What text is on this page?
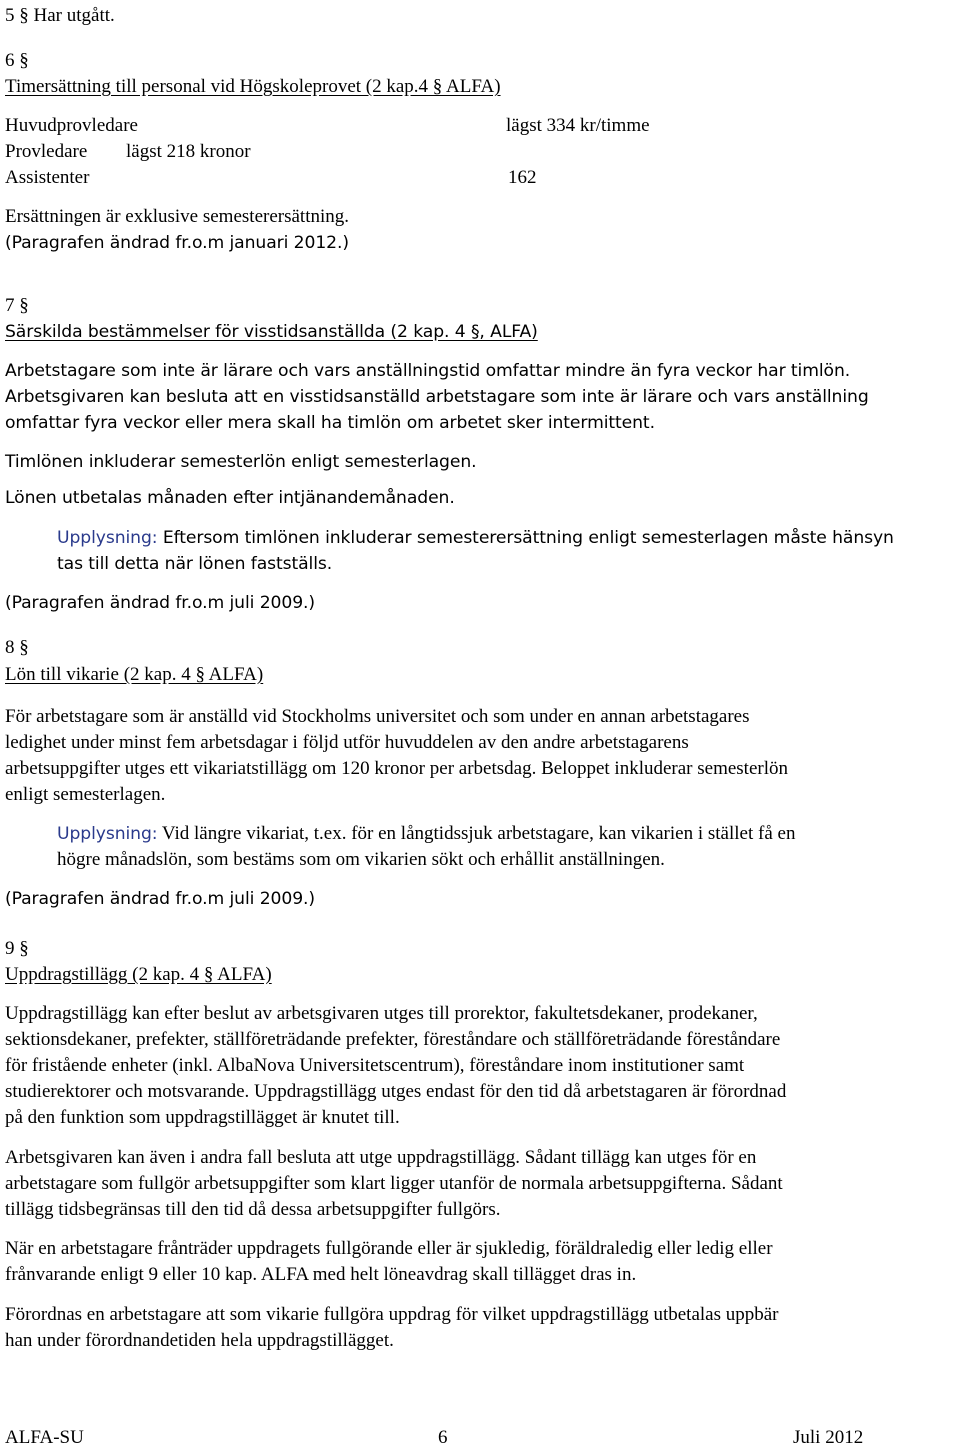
5 § Har utgått.
6 §
Timersättning till personal vid Högskoleprovet (2 kap.4 § ALFA)
Huvudprovledare	lägst 334 kr/timme
Provledare lägst 218 kronor
Assistenter	162
Ersättningen är exklusive semesterersättning.
(Paragrafen ändrad fr.o.m januari 2012.)
7 §
Särskilda bestämmelser för visstidsanställda (2 kap. 4 §, ALFA)
Arbetstagare som inte är lärare och vars anställningstid omfattar mindre än fyra veckor har timlön.
Arbetsgivaren kan besluta att en visstidsanställd arbetstagare som inte är lärare och vars anställning
omfattar fyra veckor eller mera skall ha timlön om arbetet sker intermittent.
Timlönen inkluderar semesterlön enligt semesterlagen.
Lönen utbetalas månaden efter intjänandemånaden.
Upplysning: Eftersom timlönen inkluderar semesterersättning enligt semesterlagen måste hänsyn
tas till detta när lönen fastställs.
(Paragrafen ändrad fr.o.m juli 2009.)
8 §
Lön till vikarie (2 kap. 4 § ALFA)
För arbetstagare som är anställd vid Stockholms universitet och som under en annan arbetstagares
ledighet under minst fem arbetsdagar i följd utför huvuddelen av den andre arbetstagarens
arbetsuppgifter utges ett vikariatstillägg om 120 kronor per arbetsdag. Beloppet inkluderar semesterlön
enligt semesterlagen.
Upplysning: Vid längre vikariat, t.ex. för en långtidssjuk arbetstagare, kan vikarien i stället få en
högre månadslön, som bestäms som om vikarien sökt och erhållit anställningen.
(Paragrafen ändrad fr.o.m juli 2009.)
9 §
Uppdragstillägg (2 kap. 4 § ALFA)
Uppdragstillägg kan efter beslut av arbetsgivaren utges till prorektor, fakultetsdekaner, prodekaner,
sektionsdekaner, prefekter, ställföreträdande prefekter, föreståndare och ställföreträdande föreståndare
för fristående enheter (inkl. AlbaNova Universitetscentrum), föreståndare inom institutioner samt
studierektorer och motsvarande. Uppdragstillägg utges endast för den tid då arbetstagaren är förordnad
på den funktion som uppdragstillägget är knutet till.
Arbetsgivaren kan även i andra fall besluta att utge uppdragstillägg. Sådant tillägg kan utges för en
arbetstagare som fullgör arbetsuppgifter som klart ligger utanför de normala arbetsuppgifterna. Sådant
tillägg tidsbegränsas till den tid då dessa arbetsuppgifter fullgörs.
När en arbetstagare frånträder uppdragets fullgörande eller är sjukledig, föräldraledig eller ledig eller
frånvarande enligt 9 eller 10 kap. ALFA med helt löneavdrag skall tillägget dras in.
Förordnas en arbetstagare att som vikarie fullgöra uppdrag för vilket uppdragstillägg utbetalas uppbär
han under förordnandetiden hela uppdragstillägget.
ALFA-SU	6	Juli 2012
